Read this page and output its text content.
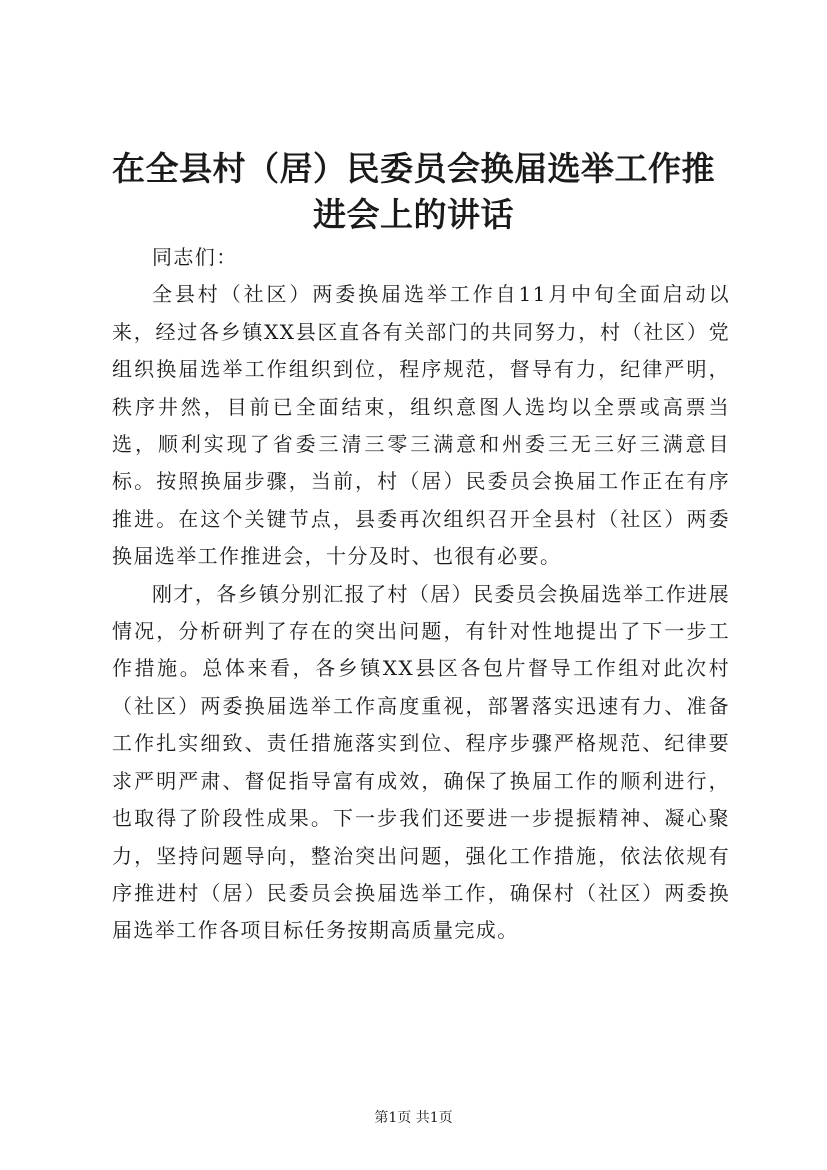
在全县村（居）民委员会换届选举工作推进会上的讲话

同志们：

全县村（社区）两委换届选举工作自11月中旬全面启动以来，经过各乡镇XX县区直各有关部门的共同努力，村（社区）党组织换届选举工作组织到位，程序规范，督导有力，纪律严明，秩序井然，目前已全面结束，组织意图人选均以全票或高票当选，顺利实现了省委三清三零三满意和州委三无三好三满意目标。按照换届步骤，当前，村（居）民委员会换届工作正在有序推进。在这个关键节点，县委再次组织召开全县村（社区）两委换届选举工作推进会，十分及时、也很有必要。

刚才，各乡镇分别汇报了村（居）民委员会换届选举工作进展情况，分析研判了存在的突出问题，有针对性地提出了下一步工作措施。总体来看，各乡镇XX县区各包片督导工作组对此次村（社区）两委换届选举工作高度重视，部署落实迅速有力、准备工作扎实细致、责任措施落实到位、程序步骤严格规范、纪律要求严明严肃、督促指导富有成效，确保了换届工作的顺利进行，也取得了阶段性成果。下一步我们还要进一步提振精神、凝心聚力，坚持问题导向，整治突出问题，强化工作措施，依法依规有序推进村（居）民委员会换届选举工作，确保村（社区）两委换届选举工作各项目标任务按期高质量完成。

第1页 共1页
